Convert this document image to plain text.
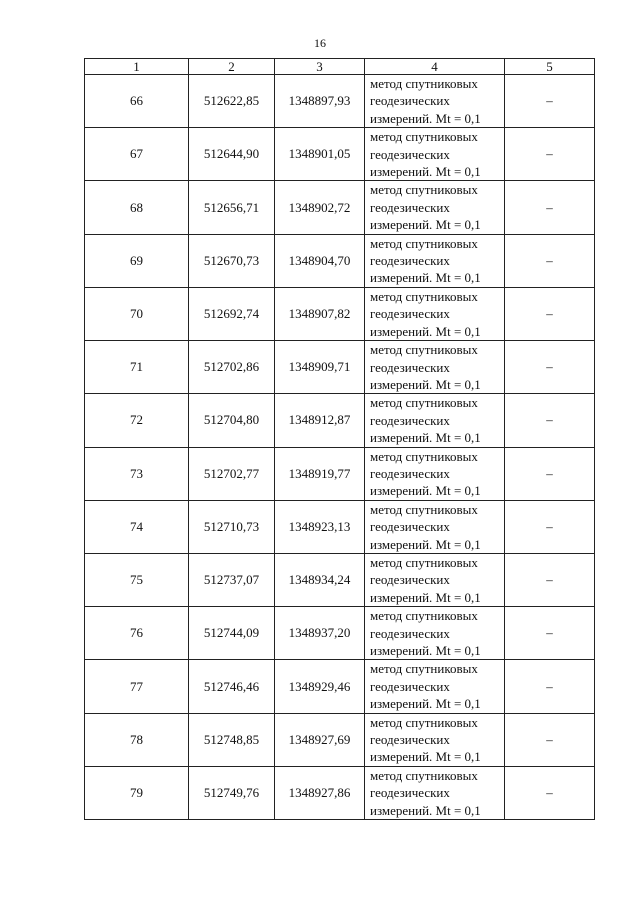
16
1	2	3	4	5
66	512622,85	1348897,93	метод спутниковых
геодезических
измерений. Mt = 0,1	–
67	512644,90	1348901,05	метод спутниковых
геодезических
измерений. Mt = 0,1	–
68	512656,71	1348902,72	метод спутниковых
геодезических
измерений. Mt = 0,1	–
69	512670,73	1348904,70	метод спутниковых
геодезических
измерений. Mt = 0,1	–
70	512692,74	1348907,82	метод спутниковых
геодезических
измерений. Mt = 0,1	–
71	512702,86	1348909,71	метод спутниковых
геодезических
измерений. Mt = 0,1	–
72	512704,80	1348912,87	метод спутниковых
геодезических
измерений. Mt = 0,1	–
73	512702,77	1348919,77	метод спутниковых
геодезических
измерений. Mt = 0,1	–
74	512710,73	1348923,13	метод спутниковых
геодезических
измерений. Mt = 0,1	–
75	512737,07	1348934,24	метод спутниковых
геодезических
измерений. Mt = 0,1	–
76	512744,09	1348937,20	метод спутниковых
геодезических
измерений. Mt = 0,1	–
77	512746,46	1348929,46	метод спутниковых
геодезических
измерений. Mt = 0,1	–
78	512748,85	1348927,69	метод спутниковых
геодезических
измерений. Mt = 0,1	–
79	512749,76	1348927,86	метод спутниковых
геодезических
измерений. Mt = 0,1	–
